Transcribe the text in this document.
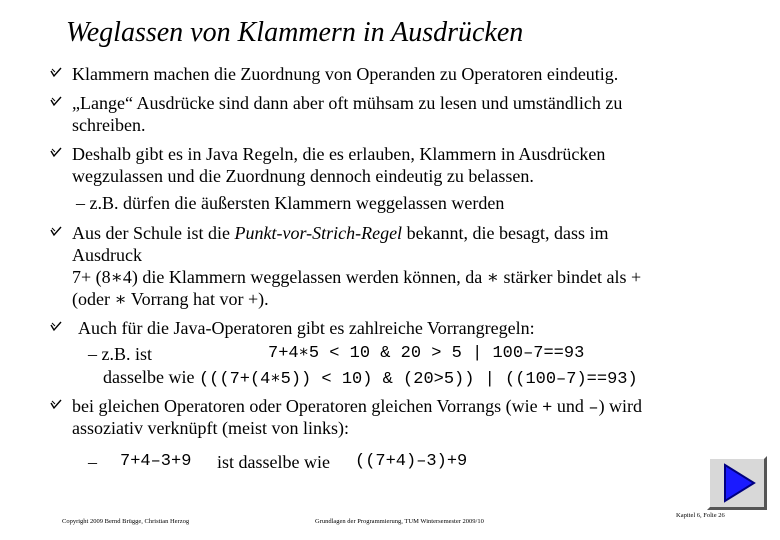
Weglassen von Klammern in Ausdrücken
Klammern machen die Zuordnung von Operanden zu Operatoren eindeutig.
„Lange“ Ausdrücke sind dann aber oft mühsam zu lesen und umständlich zu
schreiben.
Deshalb gibt es in Java Regeln, die es erlauben, Klammern in Ausdrücken
wegzulassen und die Zuordnung dennoch eindeutig zu belassen.
– z.B. dürfen die äußersten Klammern weggelassen werden
Aus der Schule ist die Punkt-vor-Strich-Regel bekannt, die besagt, dass im
Ausdruck
7+ (8∗4) die Klammern weggelassen werden können, da ∗ stärker bindet als +
(oder ∗ Vorrang hat vor +).
Auch für die Java-Operatoren gibt es zahlreiche Vorrangregeln:
– z.B. ist	7+4∗5 < 10 & 20 > 5 | 100–7==93
dasselbe wie (((7+(4∗5)) < 10) & (20>5)) | ((100–7)==93)
bei gleichen Operatoren oder Operatoren gleichen Vorrangs (wie + und –) wird
assoziativ verknüpft (meist von links):
– 7+4–3+9 ist dasselbe wie ((7+4)–3)+9
Copyright 2009 Bernd Brügge, Christian Herzog	Grundlagen der Programmierung, TUM Wintersemester 2009/10
Kapitel 6, Folie 26
